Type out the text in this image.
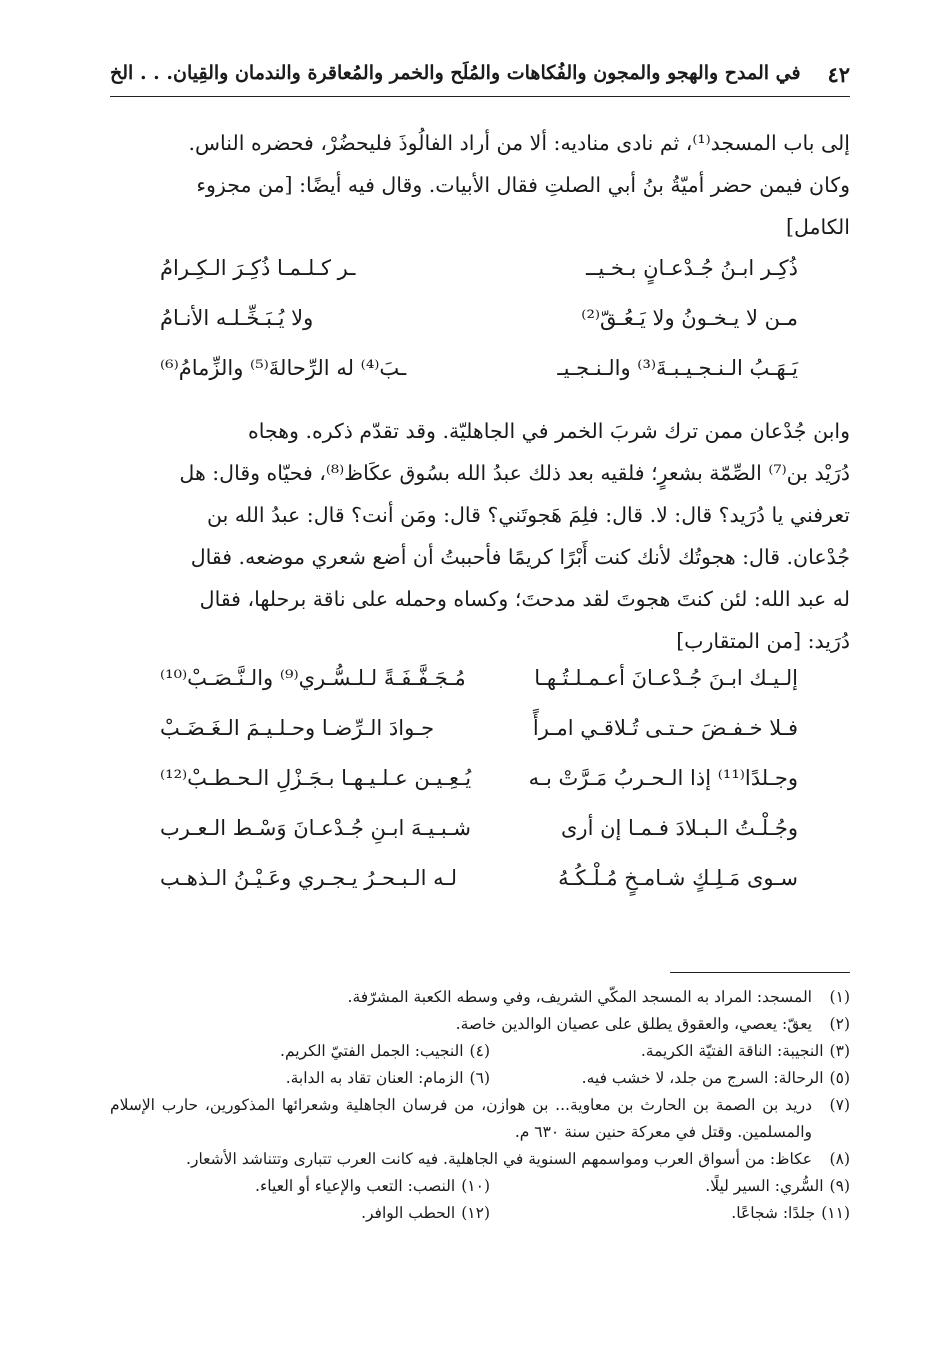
٤٢
في المدح والهجو والمجون والفُكاهات والمُلَح والخمر والمُعاقرة والندمان والقِيان. . . الخ

إلى باب المسجد⁽¹⁾، ثم نادى مناديه: ألا من أراد الفالُوذَ فليحضُرْ، فحضره الناس.

وكان فيمن حضر أميّةُ بنُ أبي الصلتِ فقال الأبيات. وقال فيه أيضًا: [من مجزوء

الكامل]

ذُكِـر ابـنُ جُـدْعـانٍ بـخـيــ
ـر كـلـمـا ذُكِـرَ الـكِـرامُ
مـن لا يـخـونُ ولا يَـعُـقّ⁽²⁾
ولا يُـبَـخِّـلـه الأنـامُ
يَـهَـبُ الـنـجـيـبـةَ⁽³⁾ والـنـجـيـ
ـبَ⁽⁴⁾ له الرِّحالةَ⁽⁵⁾ والزِّمامُ⁽⁶⁾

وابن جُدْعان ممن ترك شربَ الخمر في الجاهليّة. وقد تقدّم ذكره. وهجاه

دُرَيْد بن⁽⁷⁾ الصِّمّة بشعرٍ؛ فلقيه بعد ذلك عبدُ الله بسُوق عكَاظ⁽⁸⁾، فحيّاه وقال: هل

تعرفني يا دُرَيد؟ قال: لا. قال: فلِمَ هَجوتَني؟ قال: ومَن أنت؟ قال: عبدُ الله بن

جُدْعان. قال: هجوتُك لأنك كنت أَبْرًا كريمًا فأحببتُ أن أضع شعري موضعه. فقال

له عبد الله: لئن كنتَ هجوتَ لقد مدحتَ؛ وكساه وحمله على ناقة برحلها، فقال

دُرَيد: [من المتقارب]

إلـيـك ابـنَ جُـدْعـانَ أعـمـلـتُـهـا
مُـجَـفَّـفَـةً لـلـسُّـري⁽⁹⁾ والـنَّـصَـبْ⁽¹⁰⁾
فـلا خـفـضَ حـتـى تُـلاقـي امـرأً
جـوادَ الـرِّضـا وحـلـيـمَ الـغَـضَـبْ
وجـلدًا⁽¹¹⁾ إذا الـحـربُ مَـرَّتْ بـه
يُـعِـيـن عـلـيـهـا بـجَـزْلِ الـحـطـبْ⁽¹²⁾
وجُـلْـتُ الـبـلادَ فـمـا إن أرى
شـبـيـهَ ابـنِ جُـدْعـانَ وَسْـط الـعـرب
سـوى مَـلِـكٍ شـامـخٍ مُـلْـكُـهُ
لـه الـبـحـرُ يـجـري وعَـيْـنُ الـذهـب
(١)
المسجد: المراد به المسجد المكّي الشريف، وفي وسطه الكعبة المشرّفة.
(٢)
يعقّ: يعصي، والعقوق يطلق على عصيان الوالدين خاصة.
(٣)النجيبة: الناقة الفتيّة الكريمة.
(٤)النجيب: الجمل الفتيّ الكريم.
(٥)الرحالة: السرج من جلد، لا خشب فيه.
(٦)الزمام: العنان تقاد به الدابة.
(٧)
دريد بن الصمة بن الحارث بن معاوية... بن هوازن، من فرسان الجاهلية وشعرائها المذكورين، حارب الإسلام والمسلمين. وقتل في معركة حنين سنة ٦٣٠ م.
(٨)
عكاظ: من أسواق العرب ومواسمهم السنوية في الجاهلية. فيه كانت العرب تتبارى وتتناشد الأشعار.
(٩)السُّري: السير ليلًا.
(١٠)النصب: التعب والإعياء أو العياء.
(١١)جلدًا: شجاعًا.
(١٢)الحطب الوافر.
